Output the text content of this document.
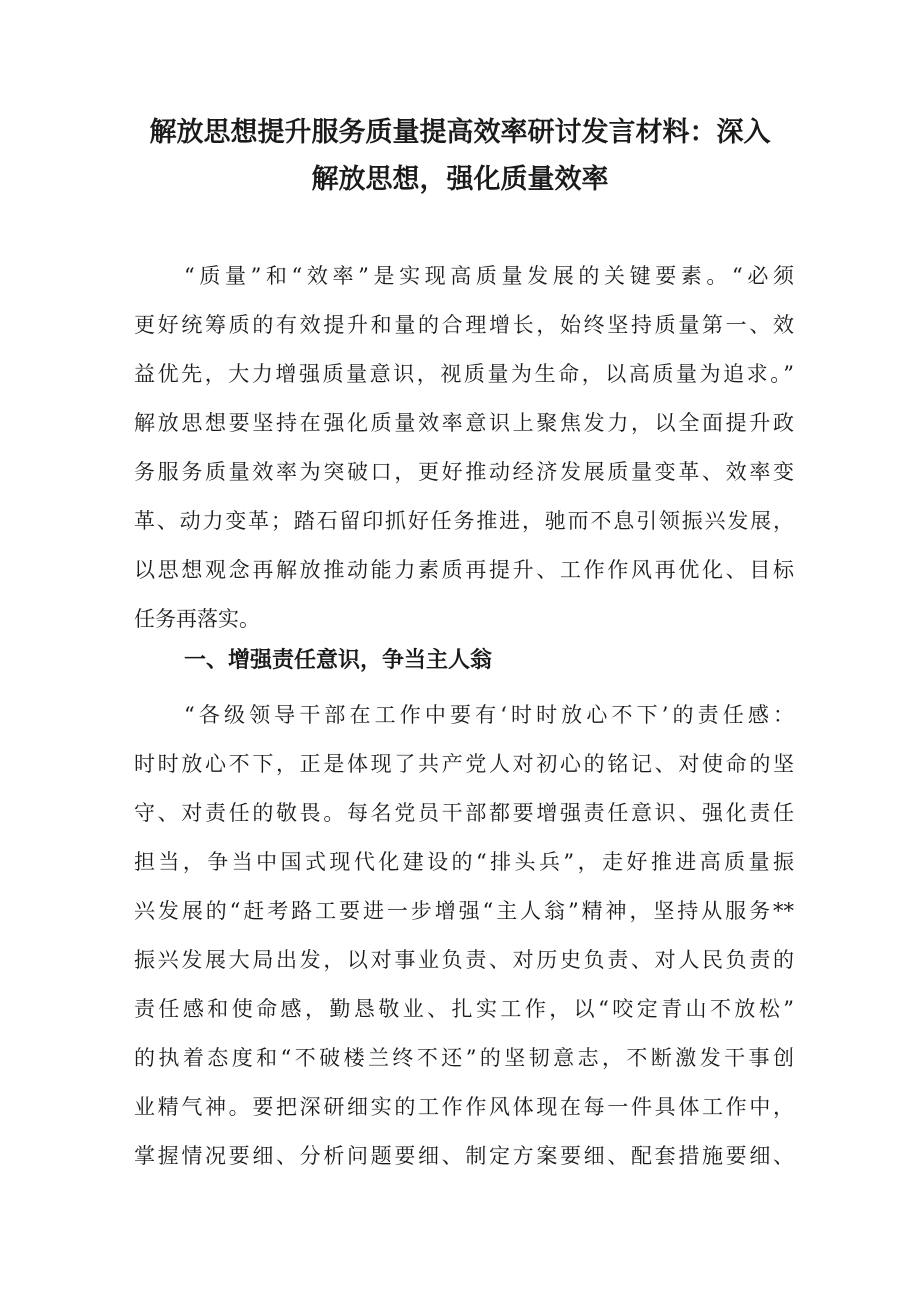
解放思想提升服务质量提高效率研讨发言材料：深入
解放思想，强化质量效率

“质量”和“效率”是实现高质量发展的关键要素。“必须

更好统筹质的有效提升和量的合理增长，始终坚持质量第一、效

益优先，大力增强质量意识，视质量为生命，以高质量为追求。”

解放思想要坚持在强化质量效率意识上聚焦发力，以全面提升政

务服务质量效率为突破口，更好推动经济发展质量变革、效率变

革、动力变革；踏石留印抓好任务推进，驰而不息引领振兴发展，

以思想观念再解放推动能力素质再提升、工作作风再优化、目标

任务再落实。

一、增强责任意识，争当主人翁

“各级领导干部在工作中要有‘时时放心不下’的责任感：

时时放心不下，正是体现了共产党人对初心的铭记、对使命的坚

守、对责任的敬畏。每名党员干部都要增强责任意识、强化责任

担当，争当中国式现代化建设的“排头兵”，走好推进高质量振

兴发展的“赶考路工要进一步增强“主人翁”精神，坚持从服务**

振兴发展大局出发，以对事业负责、对历史负责、对人民负责的

责任感和使命感，勤恳敬业、扎实工作，以“咬定青山不放松”

的执着态度和“不破楼兰终不还”的坚韧意志，不断激发干事创

业精气神。要把深研细实的工作作风体现在每一件具体工作中，

掌握情况要细、分析问题要细、制定方案要细、配套措施要细、
